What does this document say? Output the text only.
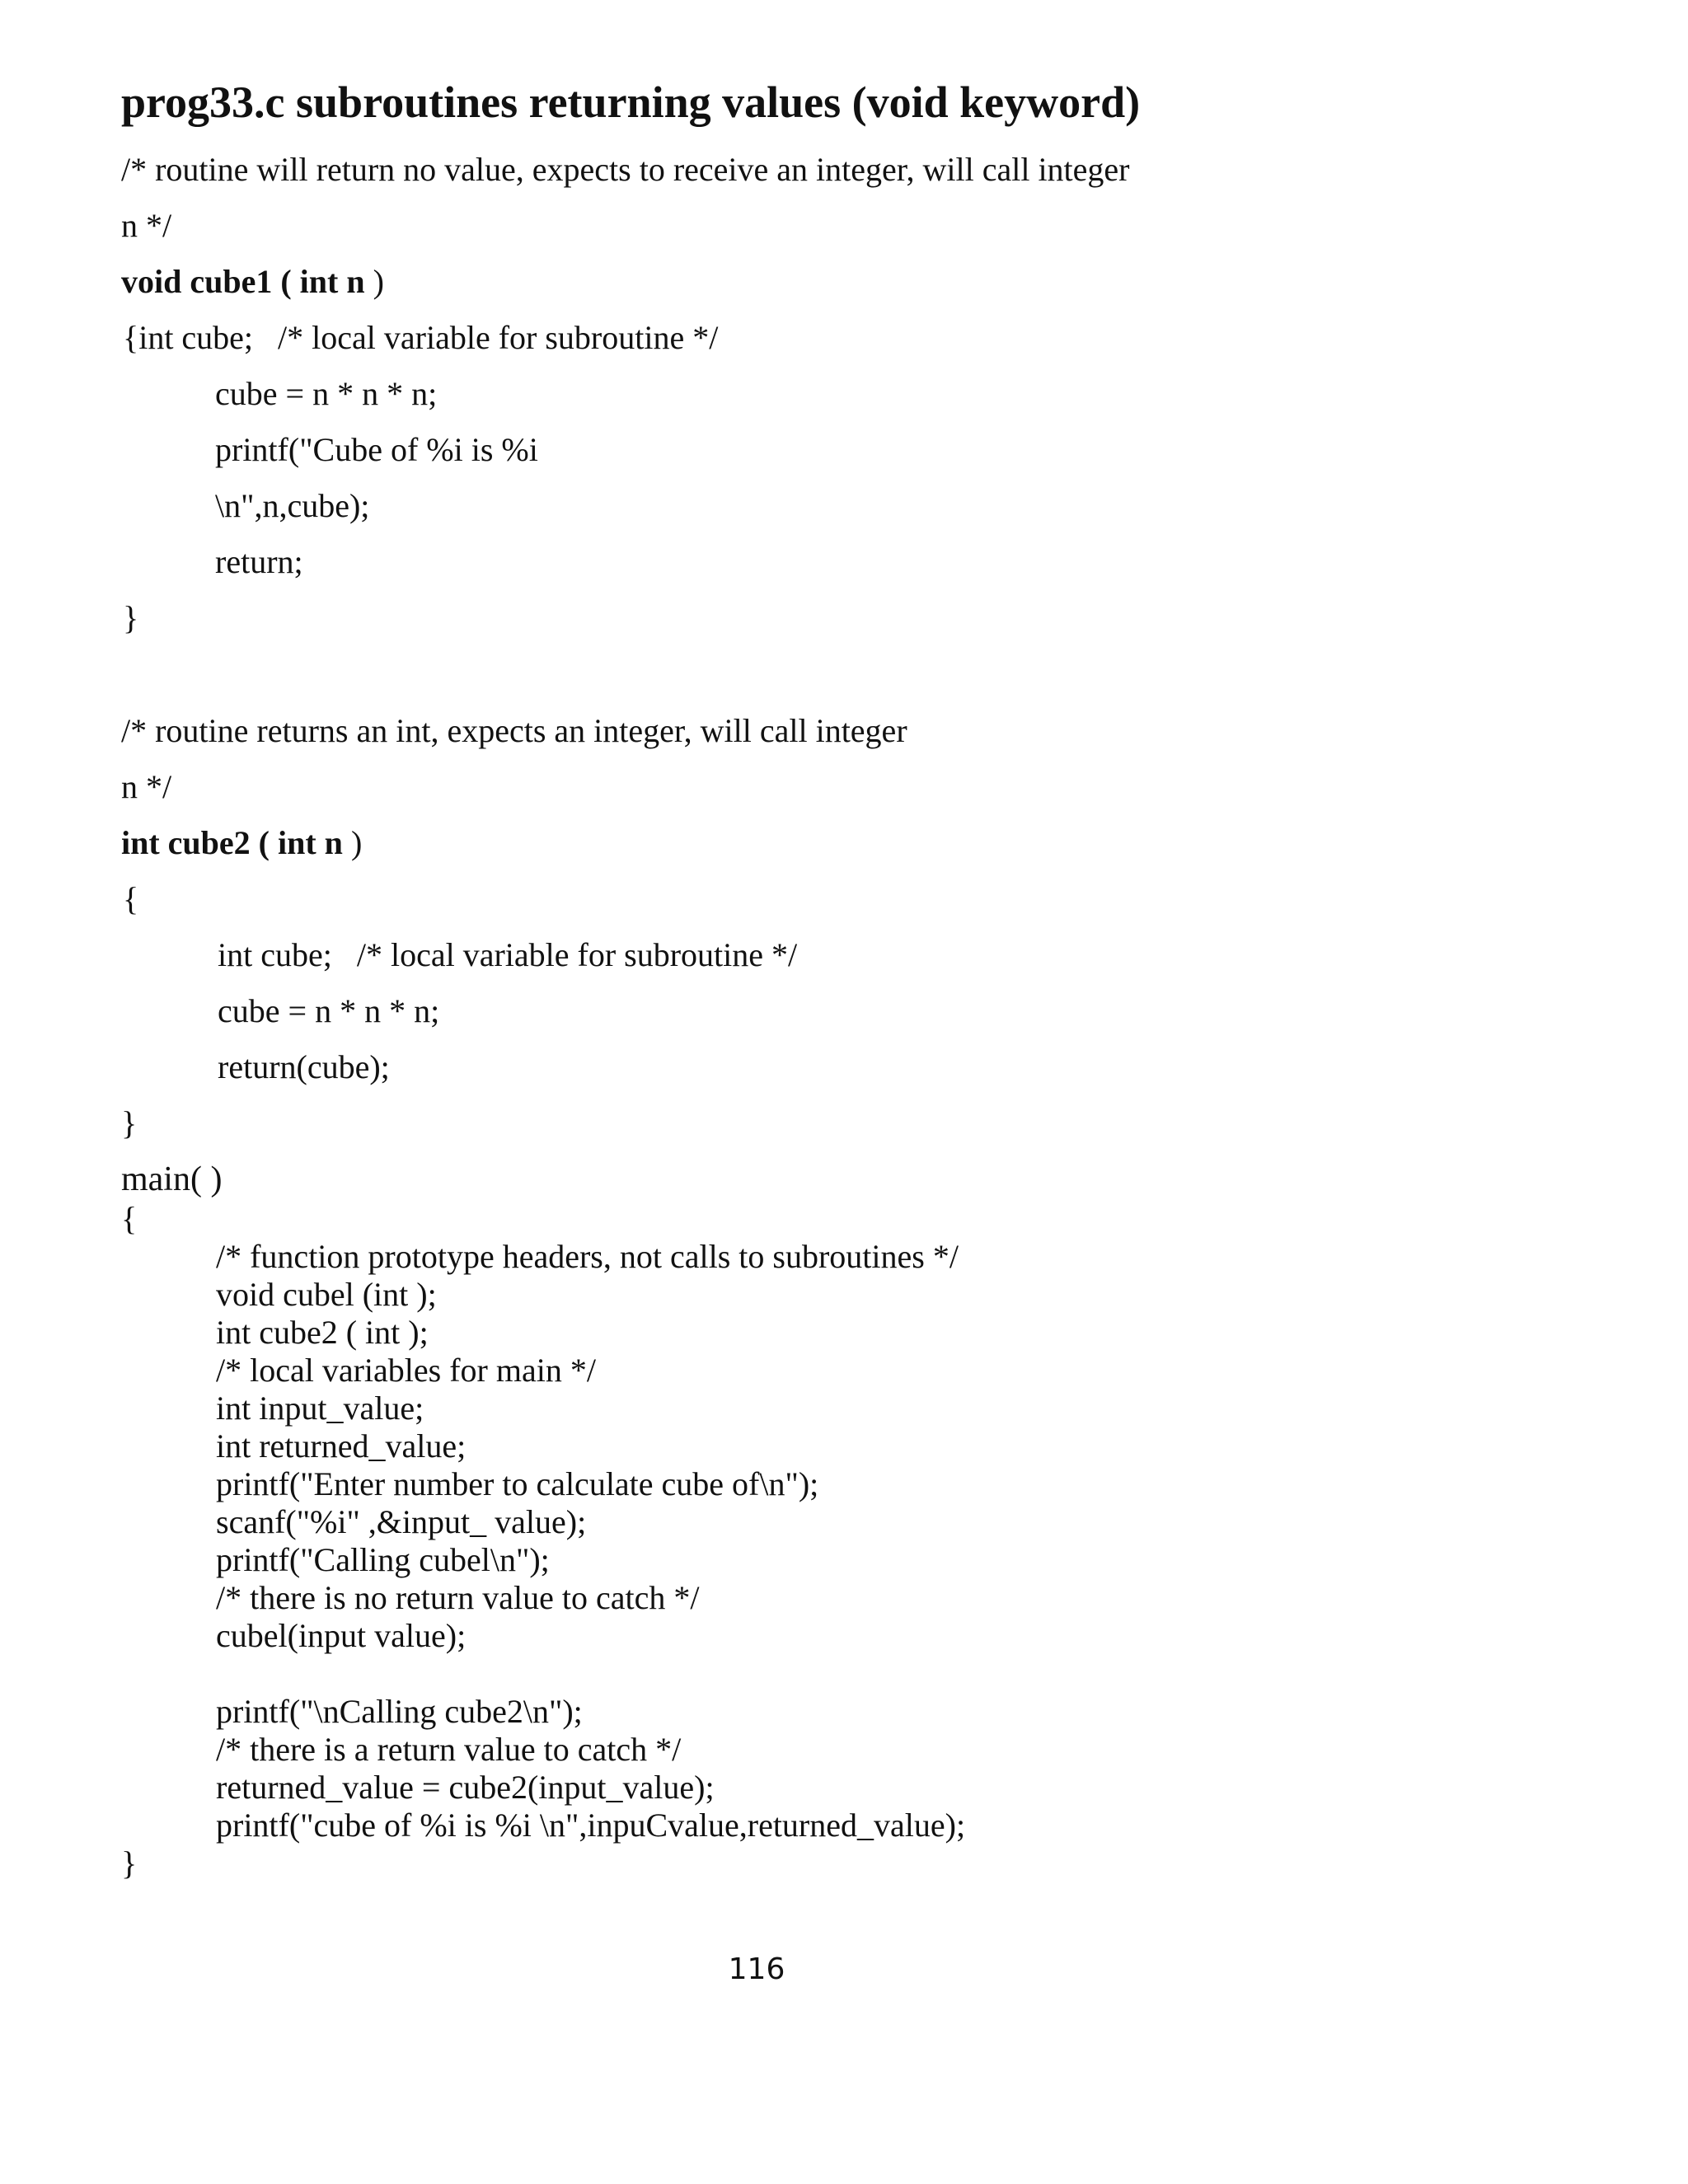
prog33.c subroutines returning values (void keyword)
/* routine will return no value, expects to receive an integer, will call integer
n */
void cube1 ( int n )
{int cube;   /* local variable for subroutine */
cube = n * n * n;
printf("Cube of %i is %i
\n",n,cube);
return;
}
/* routine returns an int, expects an integer, will call integer
n */
int cube2 ( int n )
{
int cube;   /* local variable for subroutine */
cube = n * n * n;
return(cube);
}
main( )
{
/* function prototype headers, not calls to subroutines */
void cubel (int );
int cube2 ( int );
/* local variables for main */
int input_value;
int returned_value;
printf("Enter number to calculate cube of\n");
scanf("%i" ,&input_ value);
printf("Calling cubel\n");
/* there is no return value to catch */
cubel(input value);
printf("\nCalling cube2\n");
/* there is a return value to catch */
returned_value = cube2(input_value);
printf("cube of %i is %i \n",inpuCvalue,returned_value);
}
116
